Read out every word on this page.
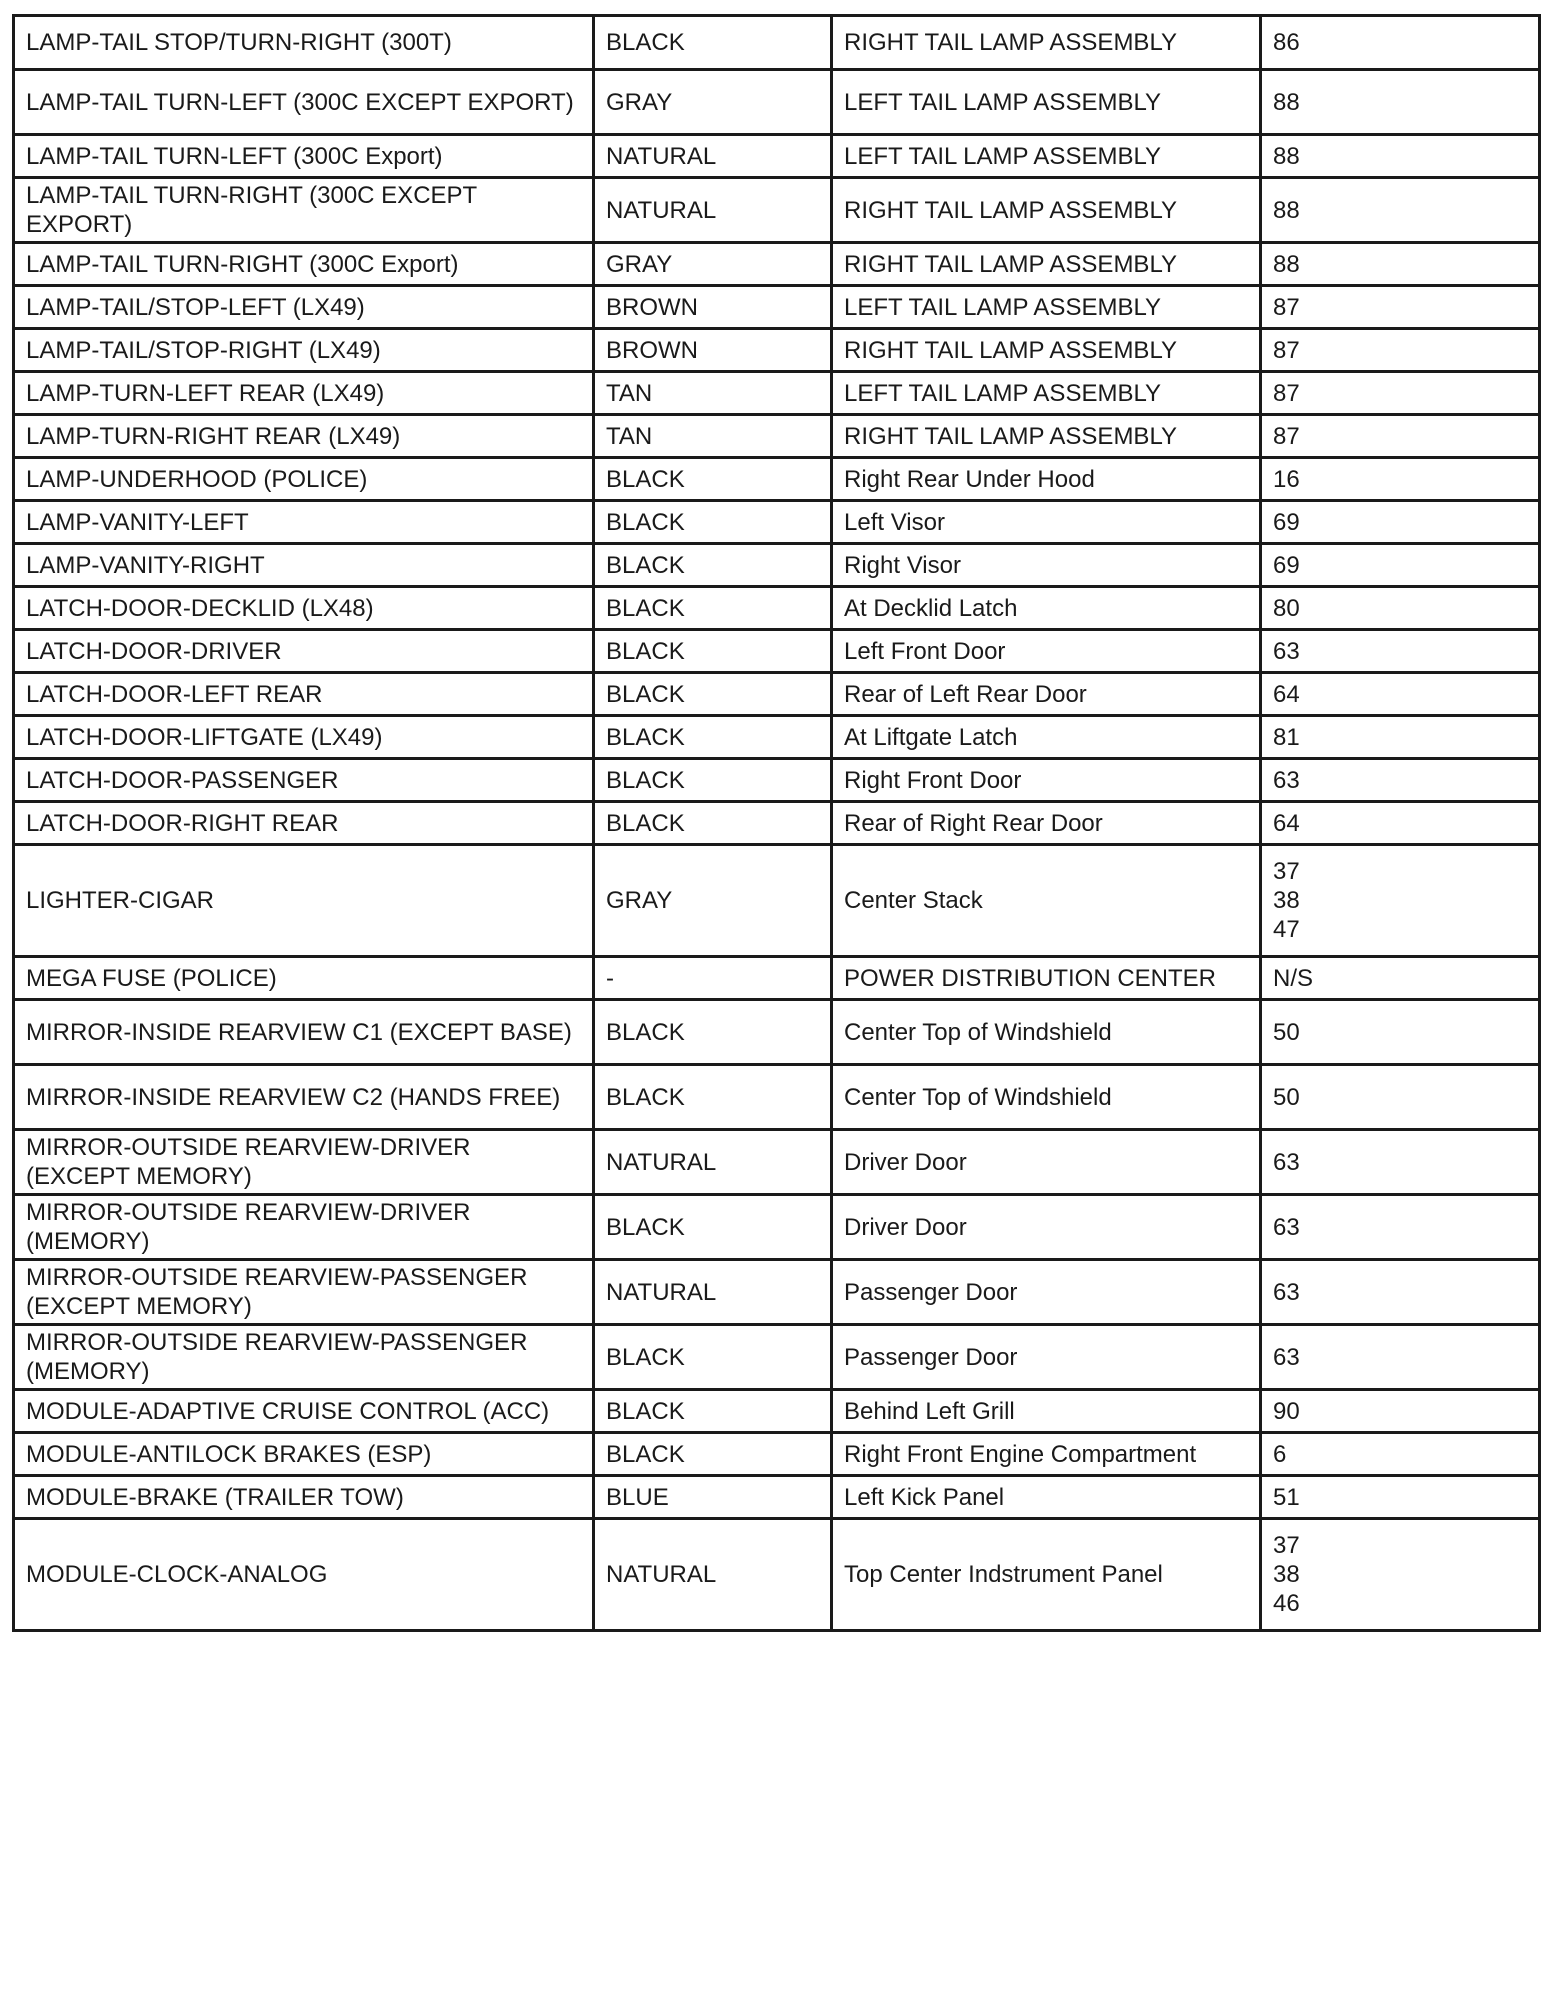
LAMP-TAIL STOP/TURN-RIGHT (300T)	BLACK	RIGHT TAIL LAMP ASSEMBLY	86

LAMP-TAIL TURN-LEFT (300C EXCEPT EXPORT)	GRAY	LEFT TAIL LAMP ASSEMBLY	88

LAMP-TAIL TURN-LEFT (300C Export)	NATURAL	LEFT TAIL LAMP ASSEMBLY	88

LAMP-TAIL TURN-RIGHT (300C EXCEPT EXPORT)	NATURAL	RIGHT TAIL LAMP ASSEMBLY	88

LAMP-TAIL TURN-RIGHT (300C Export)	GRAY	RIGHT TAIL LAMP ASSEMBLY	88

LAMP-TAIL/STOP-LEFT (LX49)	BROWN	LEFT TAIL LAMP ASSEMBLY	87

LAMP-TAIL/STOP-RIGHT (LX49)	BROWN	RIGHT TAIL LAMP ASSEMBLY	87

LAMP-TURN-LEFT REAR (LX49)	TAN	LEFT TAIL LAMP ASSEMBLY	87

LAMP-TURN-RIGHT REAR (LX49)	TAN	RIGHT TAIL LAMP ASSEMBLY	87

LAMP-UNDERHOOD (POLICE)	BLACK	Right Rear Under Hood	16

LAMP-VANITY-LEFT	BLACK	Left Visor	69

LAMP-VANITY-RIGHT	BLACK	Right Visor	69

LATCH-DOOR-DECKLID (LX48)	BLACK	At Decklid Latch	80

LATCH-DOOR-DRIVER	BLACK	Left Front Door	63

LATCH-DOOR-LEFT REAR	BLACK	Rear of Left Rear Door	64

LATCH-DOOR-LIFTGATE (LX49)	BLACK	At Liftgate Latch	81

LATCH-DOOR-PASSENGER	BLACK	Right Front Door	63

LATCH-DOOR-RIGHT REAR	BLACK	Rear of Right Rear Door	64

LIGHTER-CIGAR	GRAY	Center Stack	37
38
47

MEGA FUSE (POLICE)	-	POWER DISTRIBUTION CENTER	N/S

MIRROR-INSIDE REARVIEW C1 (EXCEPT BASE)	BLACK	Center Top of Windshield	50

MIRROR-INSIDE REARVIEW C2 (HANDS FREE)	BLACK	Center Top of Windshield	50

MIRROR-OUTSIDE REARVIEW-DRIVER (EXCEPT MEMORY)	NATURAL	Driver Door	63

MIRROR-OUTSIDE REARVIEW-DRIVER (MEMORY)	BLACK	Driver Door	63

MIRROR-OUTSIDE REARVIEW-PASSENGER (EXCEPT MEMORY)	NATURAL	Passenger Door	63

MIRROR-OUTSIDE REARVIEW-PASSENGER (MEMORY)	BLACK	Passenger Door	63

MODULE-ADAPTIVE CRUISE CONTROL (ACC)	BLACK	Behind Left Grill	90

MODULE-ANTILOCK BRAKES (ESP)	BLACK	Right Front Engine Compartment	6

MODULE-BRAKE (TRAILER TOW)	BLUE	Left Kick Panel	51

MODULE-CLOCK-ANALOG	NATURAL	Top Center Indstrument Panel	37
38
46
